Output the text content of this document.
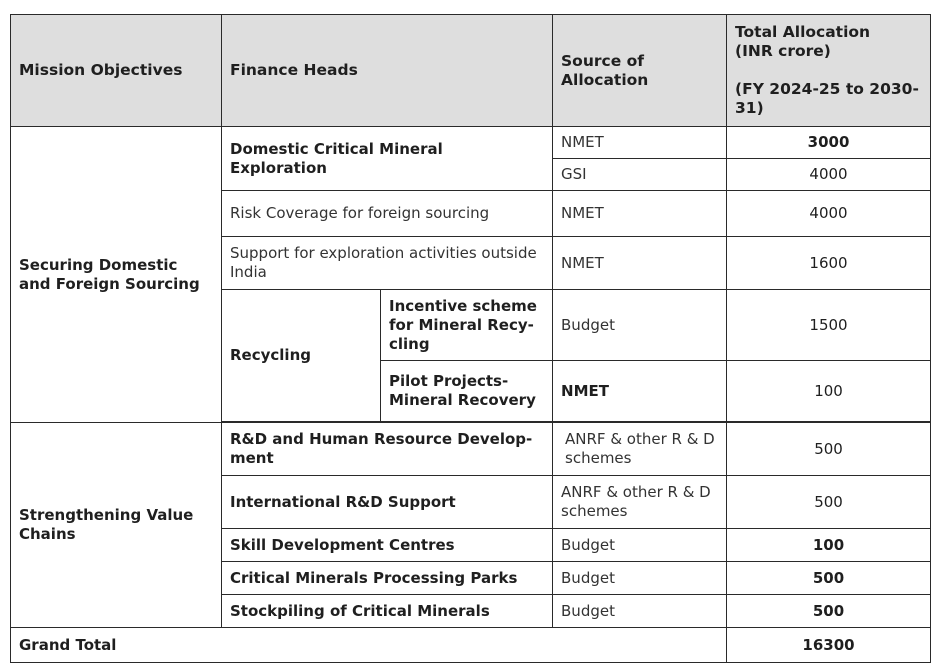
Mission Objectives	Finance Heads		Source of Allocation	Total Allocation
(INR crore)
(FY 2024-25 to 2030-31)

Securing Domestic and Foreign Sourcing	Domestic Critical Mineral Exploration		NMET	3000
			GSI	4000
	Risk Coverage for foreign sourcing		NMET	4000
	Support for exploration activities outside India		NMET	1600
	Recycling	Incentive scheme for Mineral Recy-cling	Budget	1500
		Pilot Projects-Mineral Recovery	NMET	100

Strengthening Value Chains	R&D and Human Resource Develop-ment		ANRF & other R & D schemes	500
	International R&D Support		ANRF & other R & D schemes	500
	Skill Development Centres		Budget	100
	Critical Minerals Processing Parks		Budget	500
	Stockpiling of Critical Minerals		Budget	500
Grand Total				16300
